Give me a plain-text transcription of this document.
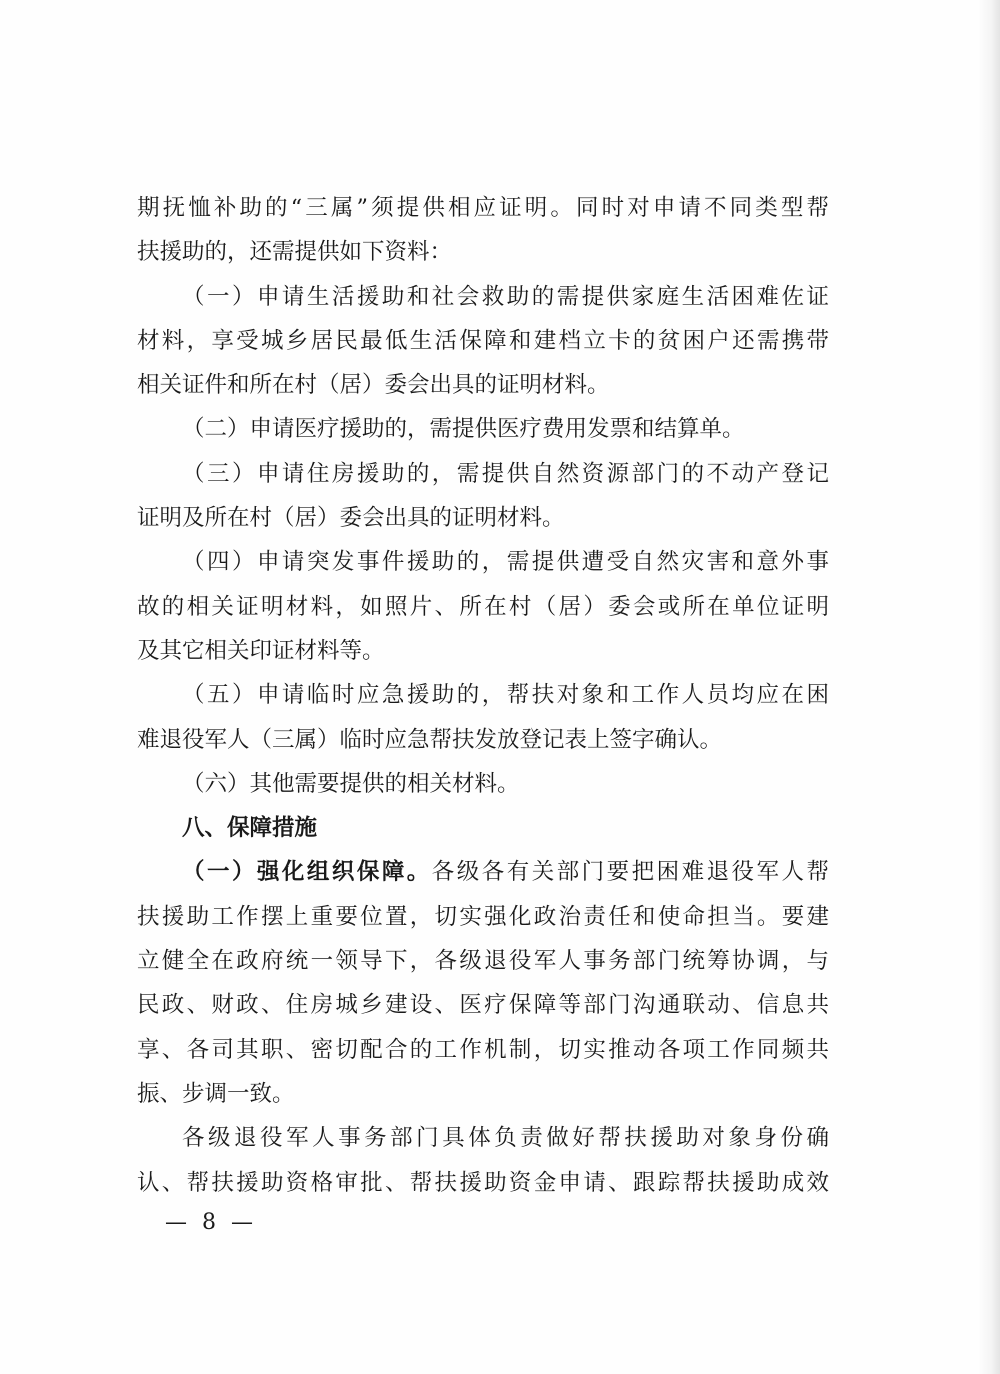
期抚恤补助的“三属”须提供相应证明。同时对申请不同类型帮
扶援助的，还需提供如下资料：
（一）申请生活援助和社会救助的需提供家庭生活困难佐证
材料，享受城乡居民最低生活保障和建档立卡的贫困户还需携带
相关证件和所在村（居）委会出具的证明材料。
（二）申请医疗援助的，需提供医疗费用发票和结算单。
（三）申请住房援助的，需提供自然资源部门的不动产登记
证明及所在村（居）委会出具的证明材料。
（四）申请突发事件援助的，需提供遭受自然灾害和意外事
故的相关证明材料，如照片、所在村（居）委会或所在单位证明
及其它相关印证材料等。
（五）申请临时应急援助的，帮扶对象和工作人员均应在困
难退役军人（三属）临时应急帮扶发放登记表上签字确认。
（六）其他需要提供的相关材料。
八、保障措施
（一）强化组织保障。各级各有关部门要把困难退役军人帮
扶援助工作摆上重要位置，切实强化政治责任和使命担当。要建
立健全在政府统一领导下，各级退役军人事务部门统筹协调，与
民政、财政、住房城乡建设、医疗保障等部门沟通联动、信息共
享、各司其职、密切配合的工作机制，切实推动各项工作同频共
振、步调一致。
各级退役军人事务部门具体负责做好帮扶援助对象身份确
认、帮扶援助资格审批、帮扶援助资金申请、跟踪帮扶援助成效
— 8 —
